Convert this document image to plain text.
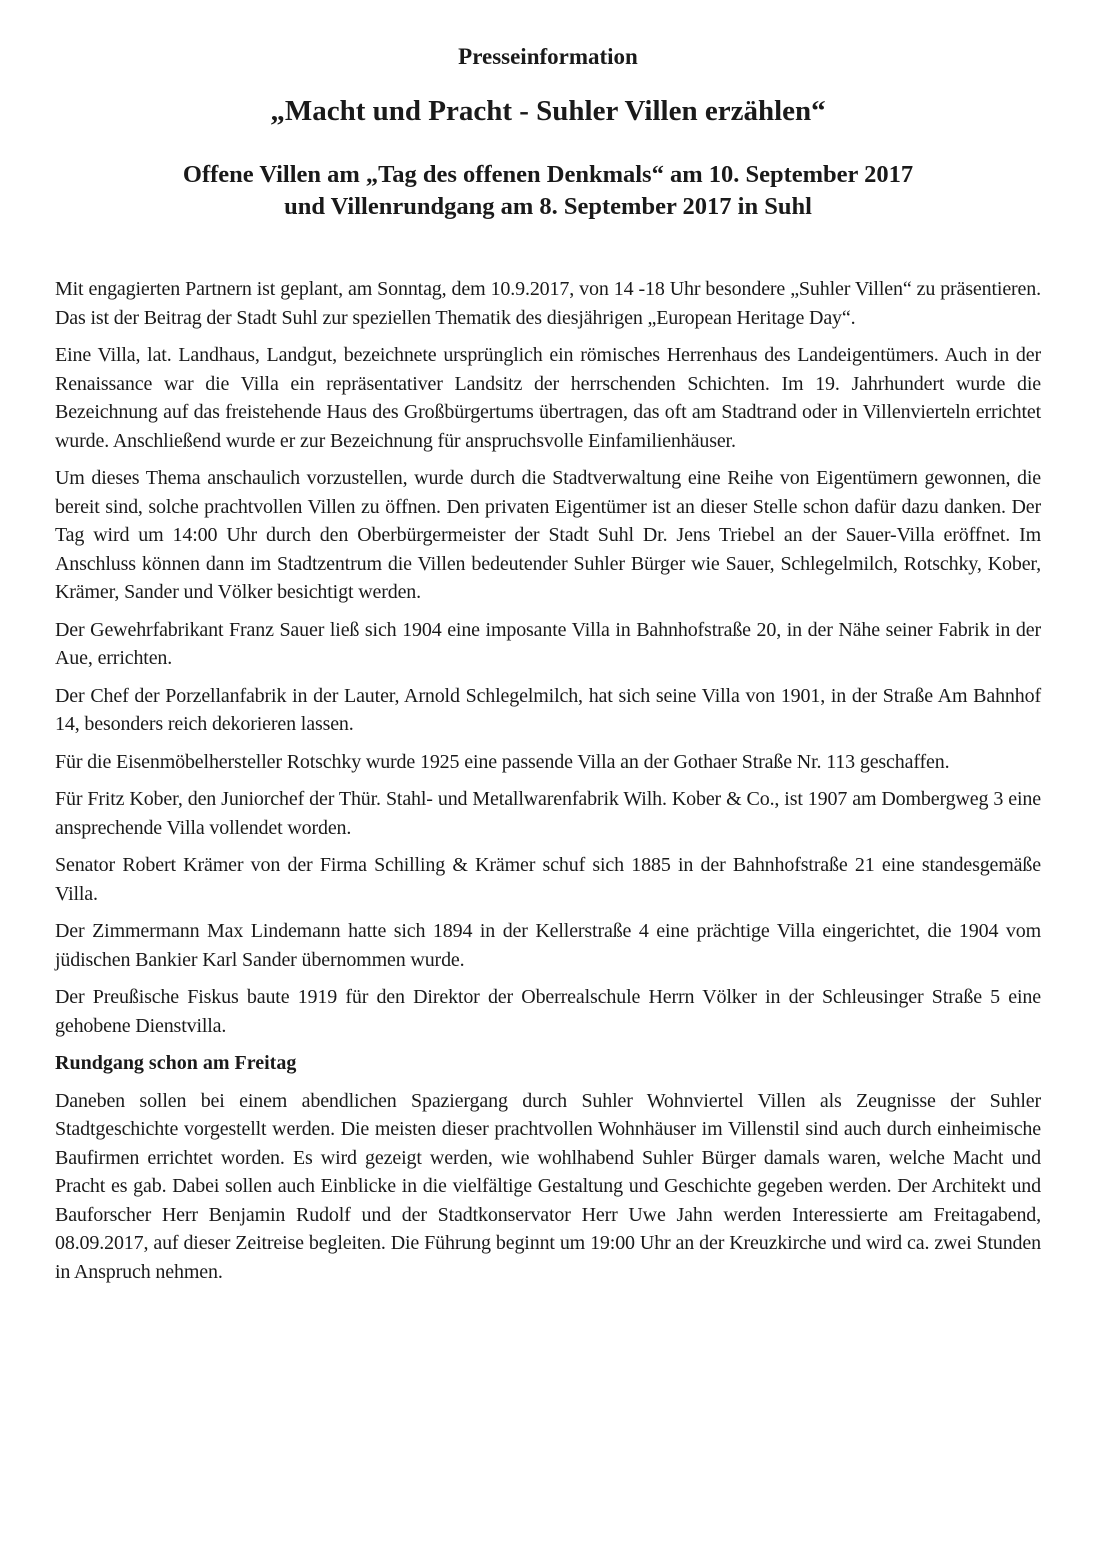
Presseinformation
„Macht und Pracht - Suhler Villen erzählen“
Offene Villen am „Tag des offenen Denkmals“ am 10. September 2017
und Villenrundgang am 8. September 2017 in Suhl

Mit engagierten Partnern ist geplant, am Sonntag, dem 10.9.2017, von 14 -18 Uhr besondere „Suhler Villen“ zu präsentieren. Das ist der Beitrag der Stadt Suhl zur speziellen Thematik des diesjährigen „European Heritage Day“.

Eine Villa, lat. Landhaus, Landgut, bezeichnete ursprünglich ein römisches Herrenhaus des Landeigentümers. Auch in der Renaissance war die Villa ein repräsentativer Landsitz der herrschenden Schichten. Im 19. Jahrhundert wurde die Bezeichnung auf das freistehende Haus des Großbürgertums übertragen, das oft am Stadtrand oder in Villenvierteln errichtet wurde. Anschließend wurde er zur Bezeichnung für anspruchsvolle Einfamilienhäuser.

Um dieses Thema anschaulich vorzustellen, wurde durch die Stadtverwaltung eine Reihe von Eigentümern gewonnen, die bereit sind, solche prachtvollen Villen zu öffnen. Den privaten Eigentümer ist an dieser Stelle schon dafür dazu danken. Der Tag wird um 14:00 Uhr durch den Oberbürgermeister der Stadt Suhl Dr. Jens Triebel an der Sauer-Villa eröffnet. Im Anschluss können dann im Stadtzentrum die Villen bedeutender Suhler Bürger wie Sauer, Schlegelmilch, Rotschky, Kober, Krämer, Sander und Völker besichtigt werden.

Der Gewehrfabrikant Franz Sauer ließ sich 1904 eine imposante Villa in Bahnhofstraße 20, in der Nähe seiner Fabrik in der Aue, errichten.

Der Chef der Porzellanfabrik in der Lauter, Arnold Schlegelmilch, hat sich seine Villa von 1901, in der Straße Am Bahnhof 14, besonders reich dekorieren lassen.

Für die Eisenmöbelhersteller Rotschky wurde 1925 eine passende Villa an der Gothaer Straße Nr. 113 geschaffen.

Für Fritz Kober, den Juniorchef der Thür. Stahl- und Metallwarenfabrik Wilh. Kober & Co., ist 1907 am Dombergweg 3 eine ansprechende Villa vollendet worden.

Senator Robert Krämer von der Firma Schilling & Krämer schuf sich 1885 in der Bahnhofstraße 21 eine standesgemäße Villa.

Der Zimmermann Max Lindemann hatte sich 1894 in der Kellerstraße 4 eine prächtige Villa eingerichtet, die 1904 vom jüdischen Bankier Karl Sander übernommen wurde.

Der Preußische Fiskus baute 1919 für den Direktor der Oberrealschule Herrn Völker in der Schleusinger Straße 5 eine gehobene Dienstvilla.

Rundgang schon am Freitag

Daneben sollen bei einem abendlichen Spaziergang durch Suhler Wohnviertel Villen als Zeugnisse der Suhler Stadtgeschichte vorgestellt werden. Die meisten dieser prachtvollen Wohnhäuser im Villenstil sind auch durch einheimische Baufirmen errichtet worden. Es wird gezeigt werden, wie wohlhabend Suhler Bürger damals waren, welche Macht und Pracht es gab. Dabei sollen auch Einblicke in die vielfältige Gestaltung und Geschichte gegeben werden. Der Architekt und Bauforscher Herr Benjamin Rudolf und der Stadtkonservator Herr Uwe Jahn werden Interessierte am Freitagabend, 08.09.2017, auf dieser Zeitreise begleiten. Die Führung beginnt um 19:00 Uhr an der Kreuzkirche und wird ca. zwei Stunden in Anspruch nehmen.
